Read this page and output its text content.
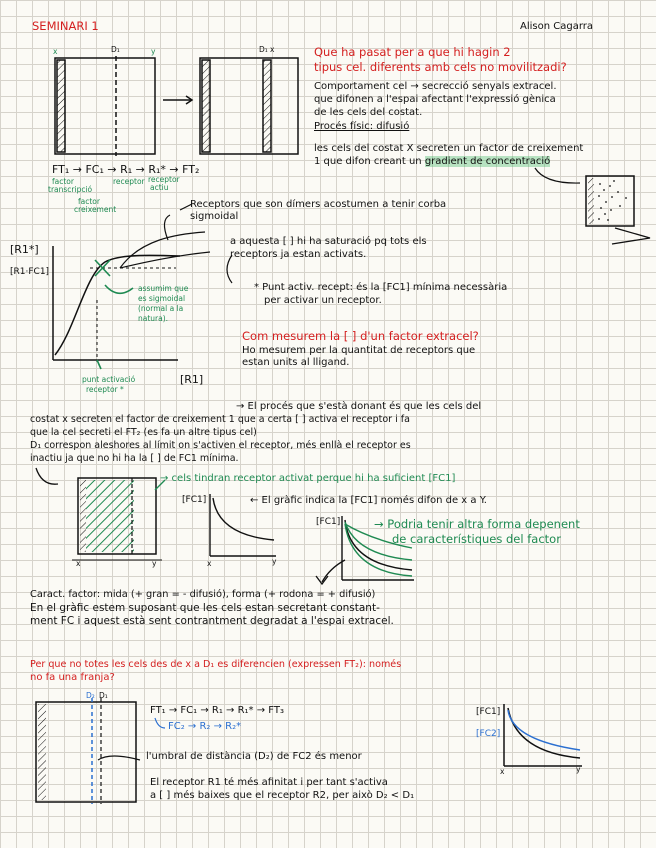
SEMINARI 1	Alison Cagarra
x	D₁	y	D₁ x	Que ha pasat per a que hi hagin 2
tipus cel. diferents amb cels no movilitzadi?
Comportament cel → secrecció senyals extracel.
que difonen a l'espai afectant l'expressió gènica
de les cels del costat.
Procés físic: difusió
FT₁ → FC₁ → R₁ → R₁* → FT₂
factor
transcripció
receptor receptor
actiu
factor
creixement
les cels del costat X secreten un factor de creixement
1 que difon creant un gradient de concentració
Receptors que son dímers acostumen a tenir corba
sigmoidal
[R1*]
[R1·FC1]
[R1]
a aquesta [ ] hi ha saturació pq tots els
receptors ja estan activats.
assumim que
es sigmoidal
(normal a la
natura).
punt activació
receptor *
* Punt activ. recept: és la [FC1] mínima necessària
per activar un receptor.
Com mesurem la [ ] d'un factor extracel?
Ho mesurem per la quantitat de receptors que
estan units al lligand.
→ El procés que s'està donant és que les cels del
costat x secreten el factor de creixement 1 que a certa [ ] activa el receptor i fa
que la cel secreti el FT₂ (es fa un altre tipus cel)
D₁ correspon aleshores al límit on s'activen el receptor, més enllà el receptor es
inactiu ja que no hi ha la [ ] de FC1 mínima.
→ cels tindran receptor activat perque hi ha suficient [FC1]
x	y
[FC1]	← El gràfic indica la [FC1] només difon de x a Y.
x	y
[FC1]	→ Podria tenir altra forma depenent
de característiques del factor
Caract. factor: mida (+ gran = - difusió), forma (+ rodona = + difusió)
En el gràfic estem suposant que les cels estan secretant constant-
ment FC i aquest està sent contrantment degradat a l'espai extracel.
Per que no totes les cels des de x a D₁ es diferencien (expressen FT₂): només
no fa una franja?
D₂ D₁
FT₁ → FC₁ → R₁ → R₁* → FT₃
FC₂ → R₂ → R₂*
l'umbral de distància (D₂) de FC2 és menor
El receptor R1 té més afinitat i per tant s'activa
a [ ] més baixes que el receptor R2, per això D₂ < D₁
[FC1]
[FC2]
x	y
